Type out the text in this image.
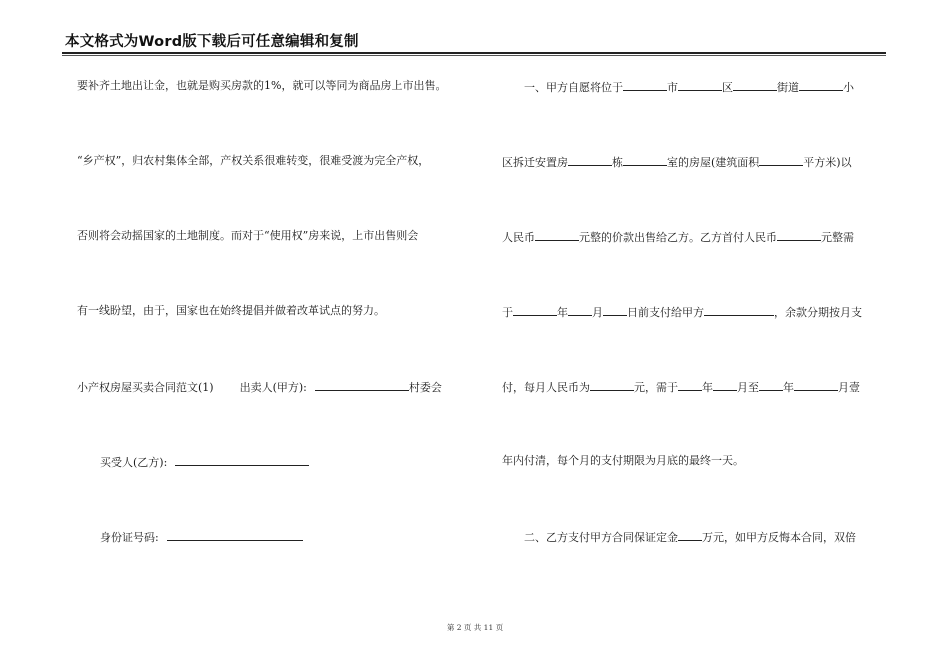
本文格式为Word版下载后可任意编辑和复制
要补齐土地出让金，也就是购买房款的1%，就可以等同为商品房上市出售。
“乡产权”，归农村集体全部，产权关系很难转变，很难受渡为完全产权，
否则将会动摇国家的土地制度。而对于“使用权”房来说，上市出售则会
有一线盼望，由于，国家也在始终提倡并做着改革试点的努力。
小产权房屋买卖合同范文(1) 出卖人(甲方):	村委会
买受人(乙方):
身份证号码:
一、甲方自愿将位于	市	区	街道	小
区拆迁安置房	栋	室的房屋(建筑面积	平方米)以
人民币	元整的价款出售给乙方。乙方首付人民币	元整需
于	年 月 日前支付给甲方	，余款分期按月支
付，每月人民币为	元，需于 年 月至 年	月壹
年内付清，每个月的支付期限为月底的最终一天。
二、乙方支付甲方合同保证定金 万元，如甲方反悔本合同，双倍
第 2 页 共 11 页
